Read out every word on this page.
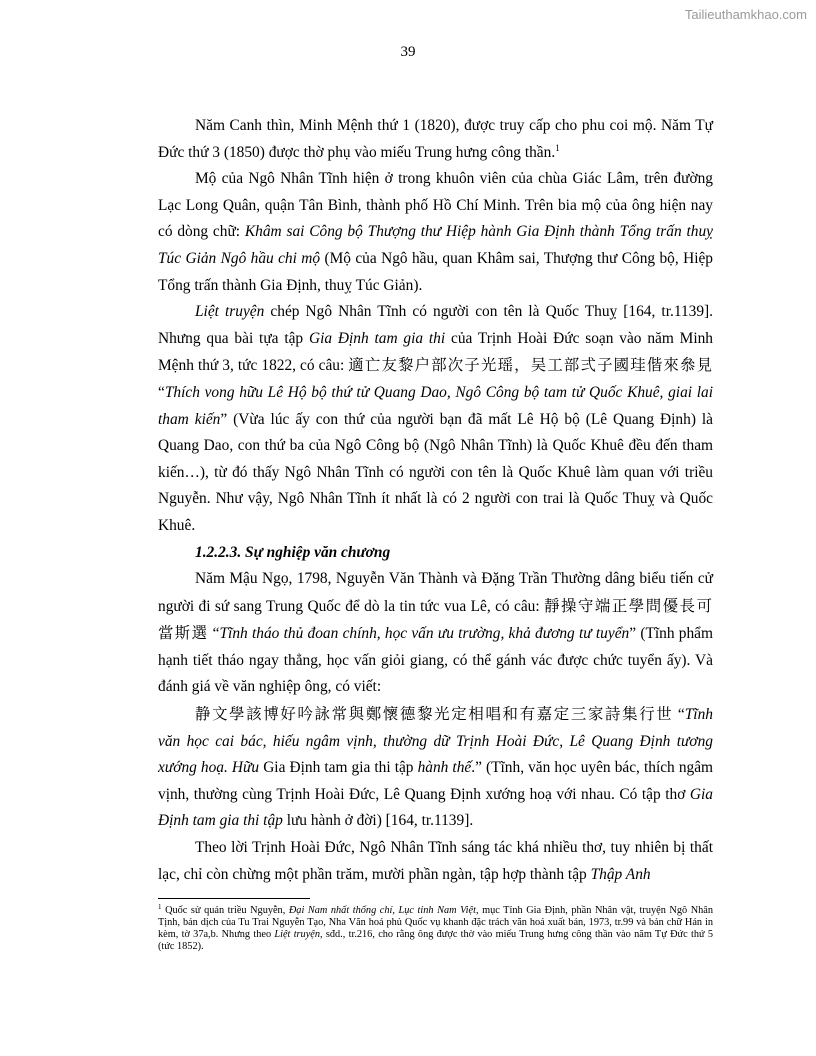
Tailieuthamkhao.com
39

Năm Canh thìn, Minh Mệnh thứ 1 (1820), được truy cấp cho phu coi mộ. Năm Tự Đức thứ 3 (1850) được thờ phụ vào miếu Trung hưng công thần.$^1$

Mộ của Ngô Nhân Tĩnh hiện ở trong khuôn viên của chùa Giác Lâm, trên đường Lạc Long Quân, quận Tân Bình, thành phố Hồ Chí Minh. Trên bia mộ của ông hiện nay có dòng chữ: Khâm sai Công bộ Thượng thư Hiệp hành Gia Định thành Tổng trấn thuỵ Túc Giản Ngô hầu chi mộ (Mộ của Ngô hầu, quan Khâm sai, Thượng thư Công bộ, Hiệp Tổng trấn thành Gia Định, thuỵ Túc Giản).

Liệt truyện chép Ngô Nhân Tĩnh có người con tên là Quốc Thuỵ [164, tr.1139]. Nhưng qua bài tựa tập Gia Định tam gia thi của Trịnh Hoài Đức soạn vào năm Minh Mệnh thứ 3, tức 1822, có câu: 適亡友黎户部次子光瑶，吴工部弍子國珪偕來叅見 “Thích vong hữu Lê Hộ bộ thứ tử Quang Dao, Ngô Công bộ tam tử Quốc Khuê, giai lai tham kiến” (Vừa lúc ấy con thứ của người bạn đã mất Lê Hộ bộ (Lê Quang Định) là Quang Dao, con thứ ba của Ngô Công bộ (Ngô Nhân Tĩnh) là Quốc Khuê đều đến tham kiến…), từ đó thấy Ngô Nhân Tĩnh có người con tên là Quốc Khuê làm quan với triều Nguyễn. Như vậy, Ngô Nhân Tĩnh ít nhất là có 2 người con trai là Quốc Thuỵ và Quốc Khuê.

1.2.2.3. Sự nghiệp văn chương

Năm Mậu Ngọ, 1798, Nguyễn Văn Thành và Đặng Trần Thường dâng biểu tiến cử người đi sứ sang Trung Quốc để dò la tin tức vua Lê, có câu: 靜操守端正學問優長可當斯選 “Tĩnh tháo thủ đoan chính, học vấn ưu trường, khả đương tư tuyển” (Tĩnh phẩm hạnh tiết tháo ngay thẳng, học vấn giỏi giang, có thể gánh vác được chức tuyển ấy). Và đánh giá về văn nghiệp ông, có viết:

静文學該博好吟詠常與鄭懷德黎光定相唱和有嘉定三家詩集行世 “Tĩnh văn học cai bác, hiếu ngâm vịnh, thường dữ Trịnh Hoài Đức, Lê Quang Định tương xướng hoạ. Hữu Gia Định tam gia thi tập hành thế.” (Tĩnh, văn học uyên bác, thích ngâm vịnh, thường cùng Trịnh Hoài Đức, Lê Quang Định xướng hoạ với nhau. Có tập thơ Gia Định tam gia thi tập lưu hành ở đời) [164, tr.1139].

Theo lời Trịnh Hoài Đức, Ngô Nhân Tĩnh sáng tác khá nhiều thơ, tuy nhiên bị thất lạc, chỉ còn chừng một phần trăm, mười phần ngàn, tập hợp thành tập Thập Anh

$^1$ Quốc sử quán triều Nguyễn, Đại Nam nhất thống chí, Lục tỉnh Nam Việt, mục Tỉnh Gia Định, phần Nhân vật, truyện Ngô Nhân Tịnh, bản dịch của Tu Trai Nguyễn Tạo, Nha Văn hoá phủ Quốc vụ khanh đặc trách văn hoá xuất bản, 1973, tr.99 và bản chữ Hán in kèm, tờ 37a,b. Nhưng theo Liệt truyện, sđd., tr.216, cho rằng ông được thờ vào miếu Trung hưng công thần vào năm Tự Đức thứ 5 (tức 1852).
